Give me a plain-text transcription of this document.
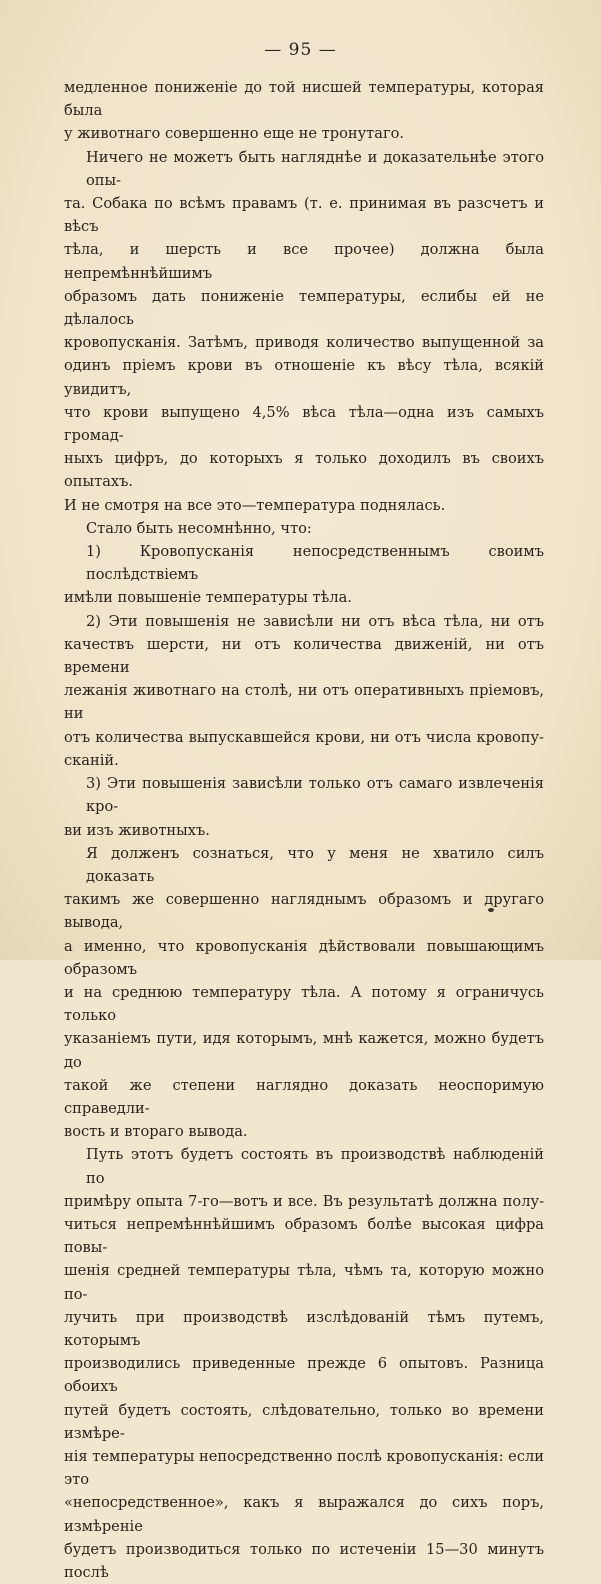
— 95 —

медленное пониженіе до той нисшей температуры, которая была

у животнаго совершенно еще не тронутаго.

Ничего не можетъ быть нагляднѣе и доказательнѣе этого опы-

та. Собака по всѣмъ правамъ (т. е. принимая въ разсчетъ и вѣсъ

тѣла, и шерсть и все прочее) должна была непремѣннѣйшимъ

образомъ дать пониженіе температуры, еслибы ей не дѣлалось

кровопусканія. Затѣмъ, приводя количество выпущенной за

одинъ пріемъ крови въ отношеніе къ вѣсу тѣла, всякій увидитъ,

что крови выпущено 4,5% вѣса тѣла—одна изъ самыхъ громад-

ныхъ цифръ, до которыхъ я только доходилъ въ своихъ опытахъ.

И не смотря на все это—температура поднялась.

Стало быть несомнѣнно, что:

1) Кровопусканія непосредственнымъ своимъ послѣдствіемъ

имѣли повышеніе температуры тѣла.

2) Эти повышенія не зависѣли ни отъ вѣса тѣла, ни отъ

качествъ шерсти, ни отъ количества движеній, ни отъ времени

лежанія животнаго на столѣ, ни отъ оперативныхъ пріемовъ, ни

отъ количества выпускавшейся крови, ни отъ числа кровопу-

сканій.

3) Эти повышенія зависѣли только отъ самаго извлеченія кро-

ви изъ животныхъ.

Я долженъ сознаться, что у меня не хватило силъ доказать

такимъ же совершенно нагляднымъ образомъ и другаго вывода,

а именно, что кровопусканія дѣйствовали повышающимъ образомъ

и на среднюю температуру тѣла. А потому я ограничусь только

указаніемъ пути, идя которымъ, мнѣ кажется, можно будетъ до

такой же степени наглядно доказать неоспоримую справедли-

вость и втораго вывода.

Путь этотъ будетъ состоять въ производствѣ наблюденій по

примѣру опыта 7-го—вотъ и все. Въ результатѣ должна полу-

читься непремѣннѣйшимъ образомъ болѣе высокая цифра повы-

шенія средней температуры тѣла, чѣмъ та, которую можно по-

лучить при производствѣ изслѣдованій тѣмъ путемъ, которымъ

производились приведенные прежде 6 опытовъ. Разница обоихъ

путей будетъ состоять, слѣдовательно, только во времени измѣре-

нія температуры непосредственно послѣ кровопусканія: если это

«непосредственное», какъ я выражался до сихъ поръ, измѣреніе

будетъ производиться только по истеченіи 15—30 минутъ послѣ
